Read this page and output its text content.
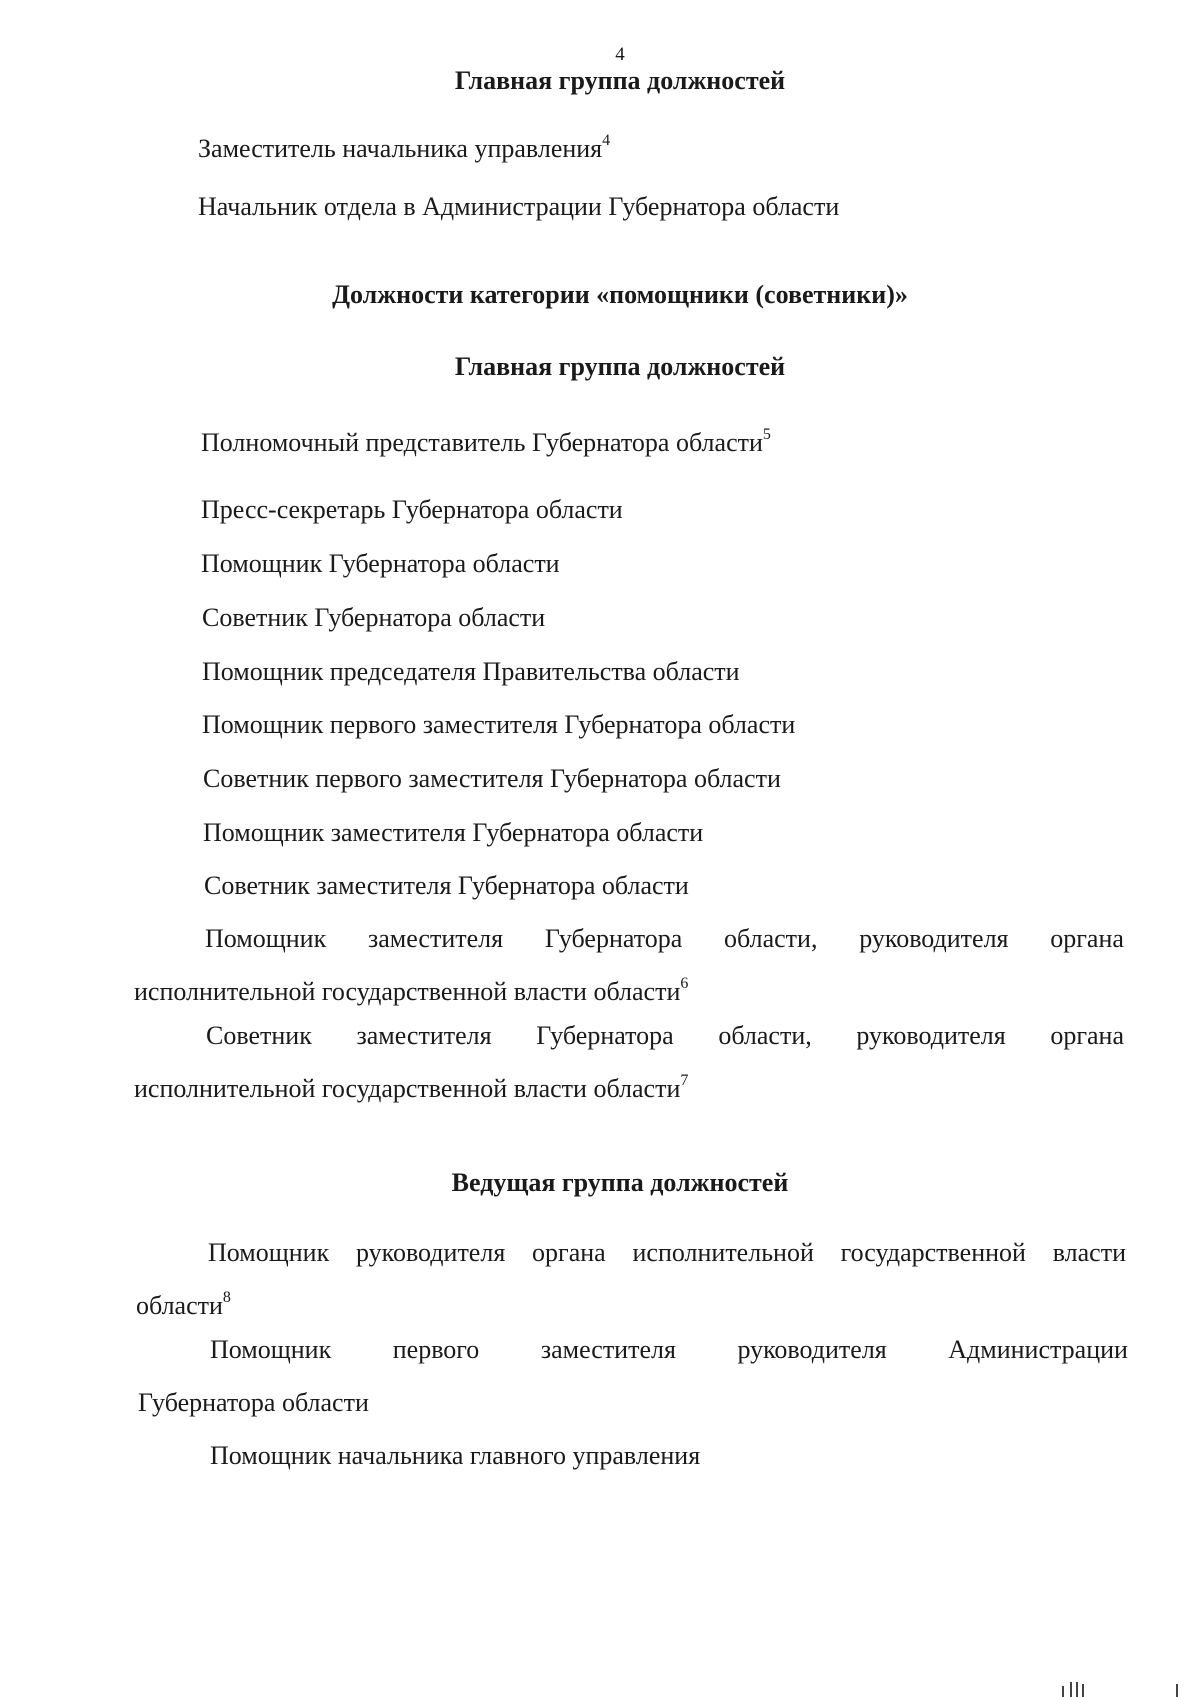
4
Главная группа должностей
Заместитель начальника управления$^4$
Начальник отдела в Администрации Губернатора области
Должности категории «помощники (советники)»
Главная группа должностей
Полномочный представитель Губернатора области$^5$
Пресс-секретарь Губернатора области
Помощник Губернатора области
Советник Губернатора области
Помощник председателя Правительства области
Помощник первого заместителя Губернатора области
Советник первого заместителя Губернатора области
Помощник заместителя Губернатора области
Советник заместителя Губернатора области
Помощник заместителя Губернатора области, руководителя органа
исполнительной государственной власти области$^6$
Советник заместителя Губернатора области, руководителя органа
исполнительной государственной власти области$^7$
Ведущая группа должностей
Помощник руководителя органа исполнительной государственной власти
области$^8$
Помощник первого заместителя руководителя Администрации
Губернатора области
Помощник начальника главного управления
